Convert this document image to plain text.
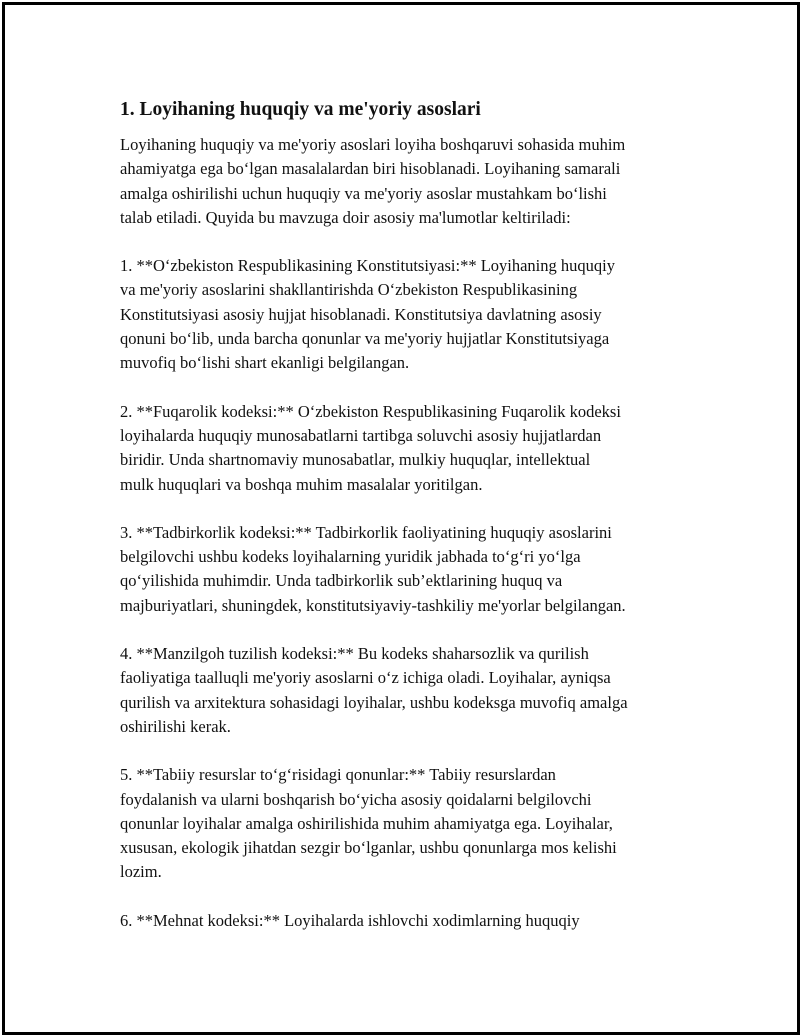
1. Loyihaning huquqiy va me'yoriy asoslari
Loyihaning huquqiy va me'yoriy asoslari loyiha boshqaruvi sohasida muhim
ahamiyatga ega bo‘lgan masalalardan biri hisoblanadi. Loyihaning samarali
amalga oshirilishi uchun huquqiy va me'yoriy asoslar mustahkam bo‘lishi
talab etiladi. Quyida bu mavzuga doir asosiy ma'lumotlar keltiriladi:
1. **O‘zbekiston Respublikasining Konstitutsiyasi:** Loyihaning huquqiy
va me'yoriy asoslarini shakllantirishda O‘zbekiston Respublikasining
Konstitutsiyasi asosiy hujjat hisoblanadi. Konstitutsiya davlatning asosiy
qonuni bo‘lib, unda barcha qonunlar va me'yoriy hujjatlar Konstitutsiyaga
muvofiq bo‘lishi shart ekanligi belgilangan.
2. **Fuqarolik kodeksi:** O‘zbekiston Respublikasining Fuqarolik kodeksi
loyihalarda huquqiy munosabatlarni tartibga soluvchi asosiy hujjatlardan
biridir. Unda shartnomaviy munosabatlar, mulkiy huquqlar, intellektual
mulk huquqlari va boshqa muhim masalalar yoritilgan.
3. **Tadbirkorlik kodeksi:** Tadbirkorlik faoliyatining huquqiy asoslarini
belgilovchi ushbu kodeks loyihalarning yuridik jabhada to‘g‘ri yo‘lga
qo‘yilishida muhimdir. Unda tadbirkorlik sub’ektlarining huquq va
majburiyatlari, shuningdek, konstitutsiyaviy-tashkiliy me'yorlar belgilangan.
4. **Manzilgoh tuzilish kodeksi:** Bu kodeks shaharsozlik va qurilish
faoliyatiga taalluqli me'yoriy asoslarni o‘z ichiga oladi. Loyihalar, ayniqsa
qurilish va arxitektura sohasidagi loyihalar, ushbu kodeksga muvofiq amalga
oshirilishi kerak.
5. **Tabiiy resurslar to‘g‘risidagi qonunlar:** Tabiiy resurslardan
foydalanish va ularni boshqarish bo‘yicha asosiy qoidalarni belgilovchi
qonunlar loyihalar amalga oshirilishida muhim ahamiyatga ega. Loyihalar,
xususan, ekologik jihatdan sezgir bo‘lganlar, ushbu qonunlarga mos kelishi
lozim.
6. **Mehnat kodeksi:** Loyihalarda ishlovchi xodimlarning huquqiy
